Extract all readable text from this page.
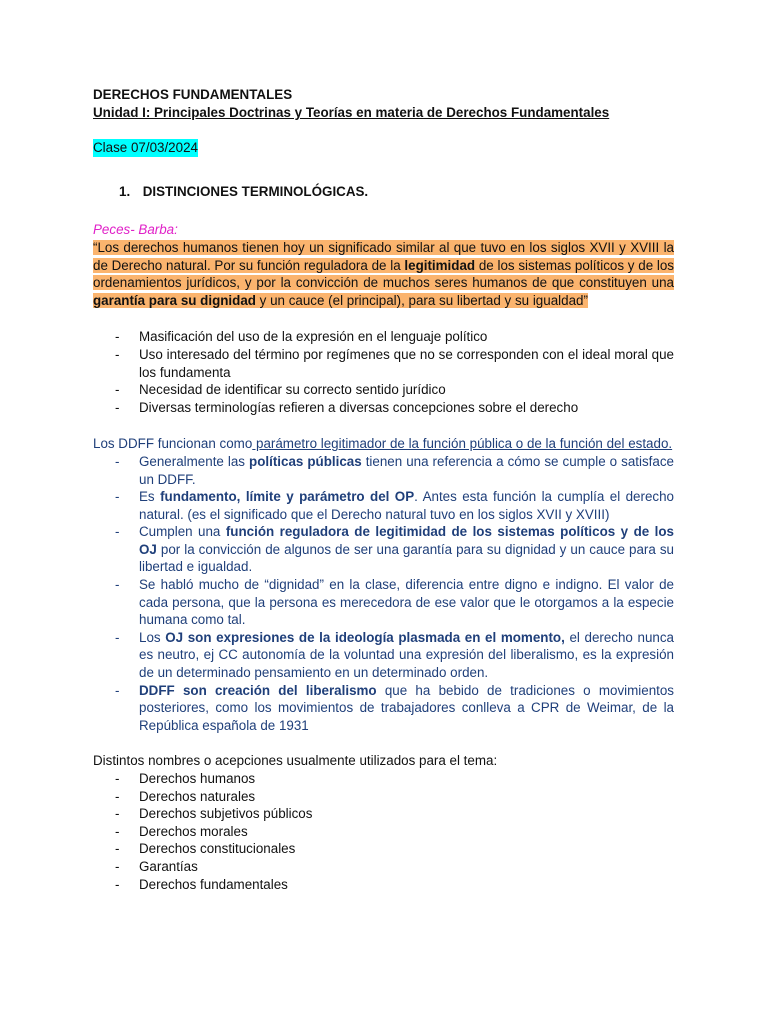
DERECHOS FUNDAMENTALES

Unidad I: Principales Doctrinas y Teorías en materia de Derechos Fundamentales

Clase 07/03/2024
1. DISTINCIONES TERMINOLÓGICAS.
Peces- Barba:
“Los derechos humanos tienen hoy un significado similar al que tuvo en los siglos XVII y XVIII la de Derecho natural. Por su función reguladora de la legitimidad de los sistemas políticos y de los ordenamientos jurídicos, y por la convicción de muchos seres humanos de que constituyen una garantía para su dignidad y un cauce (el principal), para su libertad y su igualdad”
- Masificación del uso de la expresión en el lenguaje político
- Uso interesado del término por regímenes que no se corresponden con el ideal moral que los fundamenta
- Necesidad de identificar su correcto sentido jurídico
- Diversas terminologías refieren a diversas concepciones sobre el derecho
Los DDFF funcionan como parámetro legitimador de la función pública o de la función del estado.
- Generalmente las políticas públicas tienen una referencia a cómo se cumple o satisface un DDFF.
- Es fundamento, límite y parámetro del OP. Antes esta función la cumplía el derecho natural. (es el significado que el Derecho natural tuvo en los siglos XVII y XVIII)
- Cumplen una función reguladora de legitimidad de los sistemas políticos y de los OJ por la convicción de algunos de ser una garantía para su dignidad y un cauce para su libertad e igualdad.
- Se habló mucho de “dignidad” en la clase, diferencia entre digno e indigno. El valor de cada persona, que la persona es merecedora de ese valor que le otorgamos a la especie humana como tal.
- Los OJ son expresiones de la ideología plasmada en el momento, el derecho nunca es neutro, ej CC autonomía de la voluntad una expresión del liberalismo, es la expresión de un determinado pensamiento en un determinado orden.
- DDFF son creación del liberalismo que ha bebido de tradiciones o movimientos posteriores, como los movimientos de trabajadores conlleva a CPR de Weimar, de la República española de 1931
Distintos nombres o acepciones usualmente utilizados para el tema:
- Derechos humanos
- Derechos naturales
- Derechos subjetivos públicos
- Derechos morales
- Derechos constitucionales
- Garantías
- Derechos fundamentales
